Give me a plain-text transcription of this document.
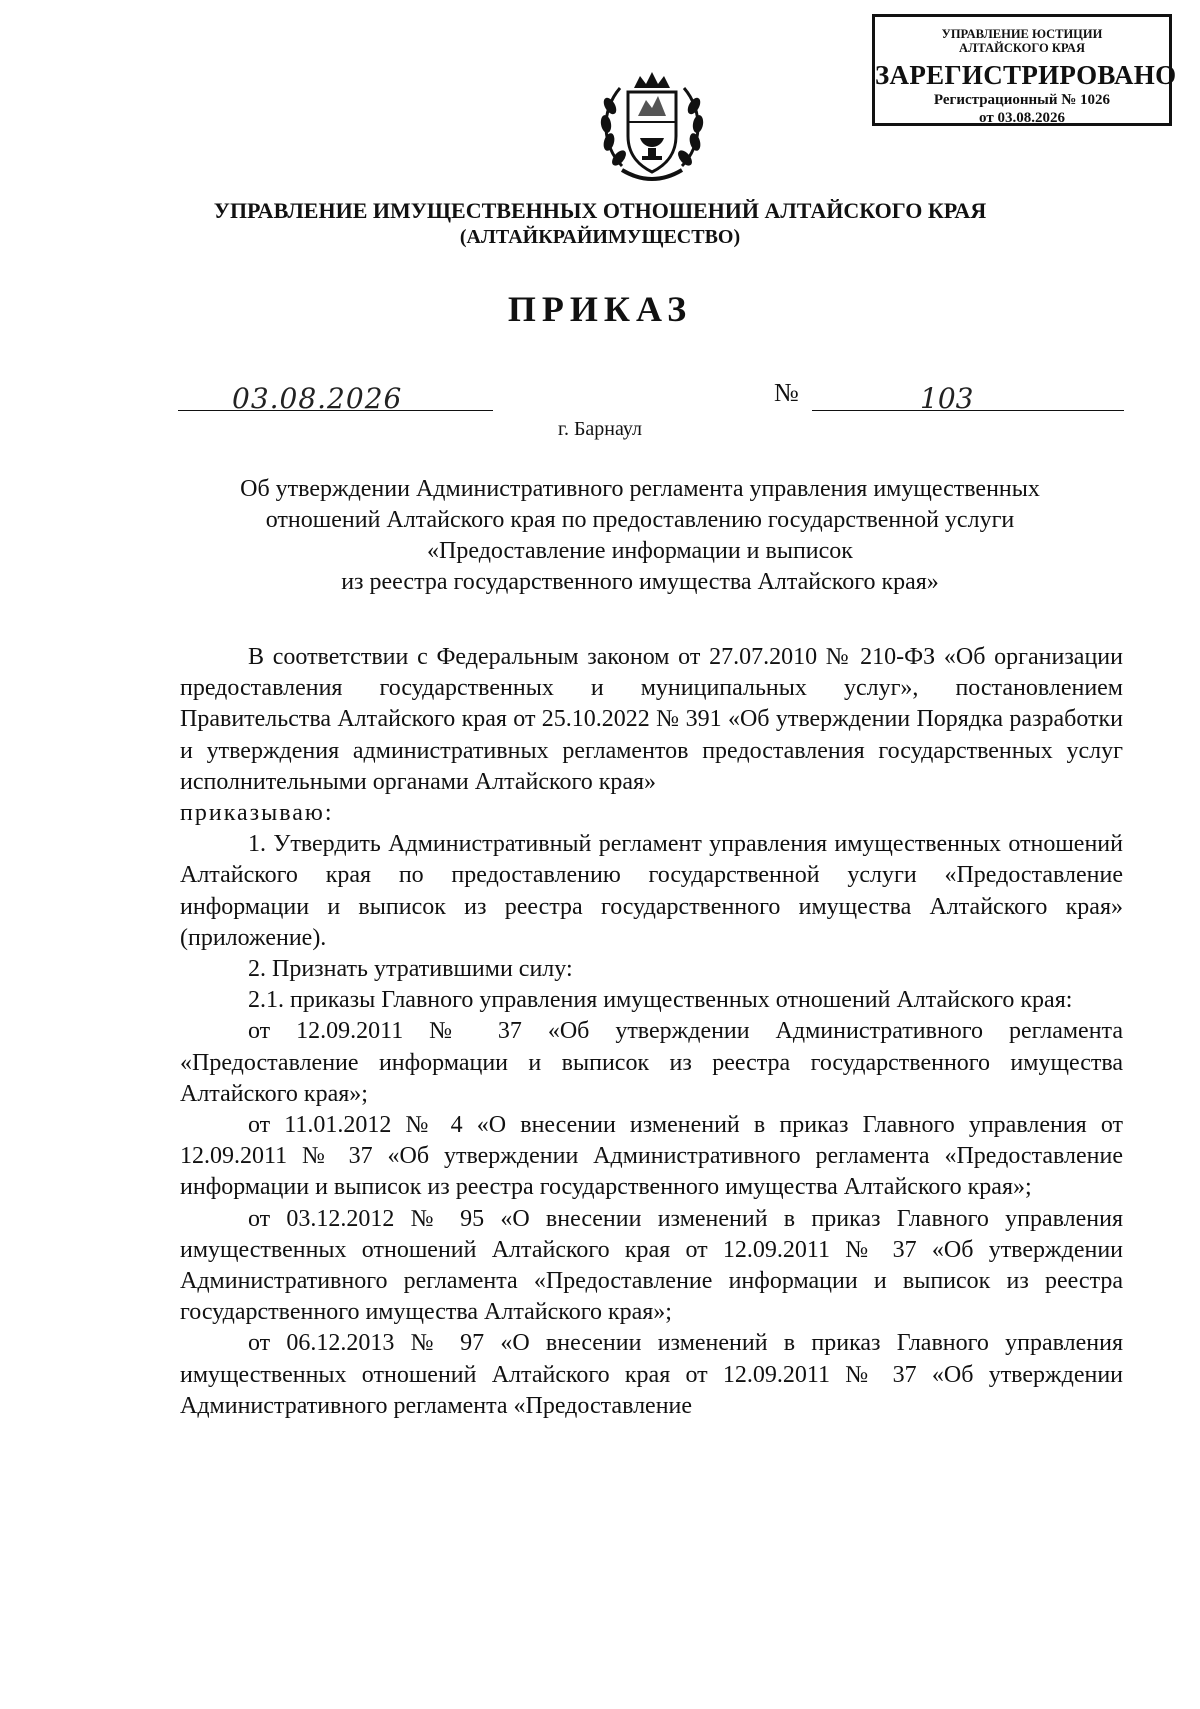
УПРАВЛЕНИЕ ЮСТИЦИИ
АЛТАЙСКОГО КРАЯ
ЗАРЕГИСТРИРОВАНО
Регистрационный № 1026
от 03.08.2026
УПРАВЛЕНИЕ ИМУЩЕСТВЕННЫХ ОТНОШЕНИЙ АЛТАЙСКОГО КРАЯ
(АЛТАЙКРАЙИМУЩЕСТВО)
ПРИКАЗ
03.08.2026	№	103
г. Барнаул
Об утверждении Административного регламента управления имущественных
отношений Алтайского края по предоставлению государственной услуги
«Предоставление информации и выписок
из реестра государственного имущества Алтайского края»

В соответствии с Федеральным законом от 27.07.2010 № 210-ФЗ «Об организации предоставления государственных и муниципальных услуг», постановлением Правительства Алтайского края от 25.10.2022 № 391 «Об утверждении Порядка разработки и утверждения административных регламентов предоставления государственных услуг исполнительными органами Алтайского края»

приказываю:

1. Утвердить Административный регламент управления имущественных отношений Алтайского края по предоставлению государственной услуги «Предоставление информации и выписок из реестра государственного имущества Алтайского края» (приложение).

2. Признать утратившими силу:

2.1. приказы Главного управления имущественных отношений Алтайского края:

от 12.09.2011 № 37 «Об утверждении Административного регламента «Предоставление информации и выписок из реестра государственного имущества Алтайского края»;

от 11.01.2012 № 4 «О внесении изменений в приказ Главного управления от 12.09.2011 № 37 «Об утверждении Административного регламента «Предоставление информации и выписок из реестра государственного имущества Алтайского края»;

от 03.12.2012 № 95 «О внесении изменений в приказ Главного управления имущественных отношений Алтайского края от 12.09.2011 № 37 «Об утверждении Административного регламента «Предоставление информации и выписок из реестра государственного имущества Алтайского края»;

от 06.12.2013 № 97 «О внесении изменений в приказ Главного управления имущественных отношений Алтайского края от 12.09.2011 № 37 «Об утверждении Административного регламента «Предоставление
